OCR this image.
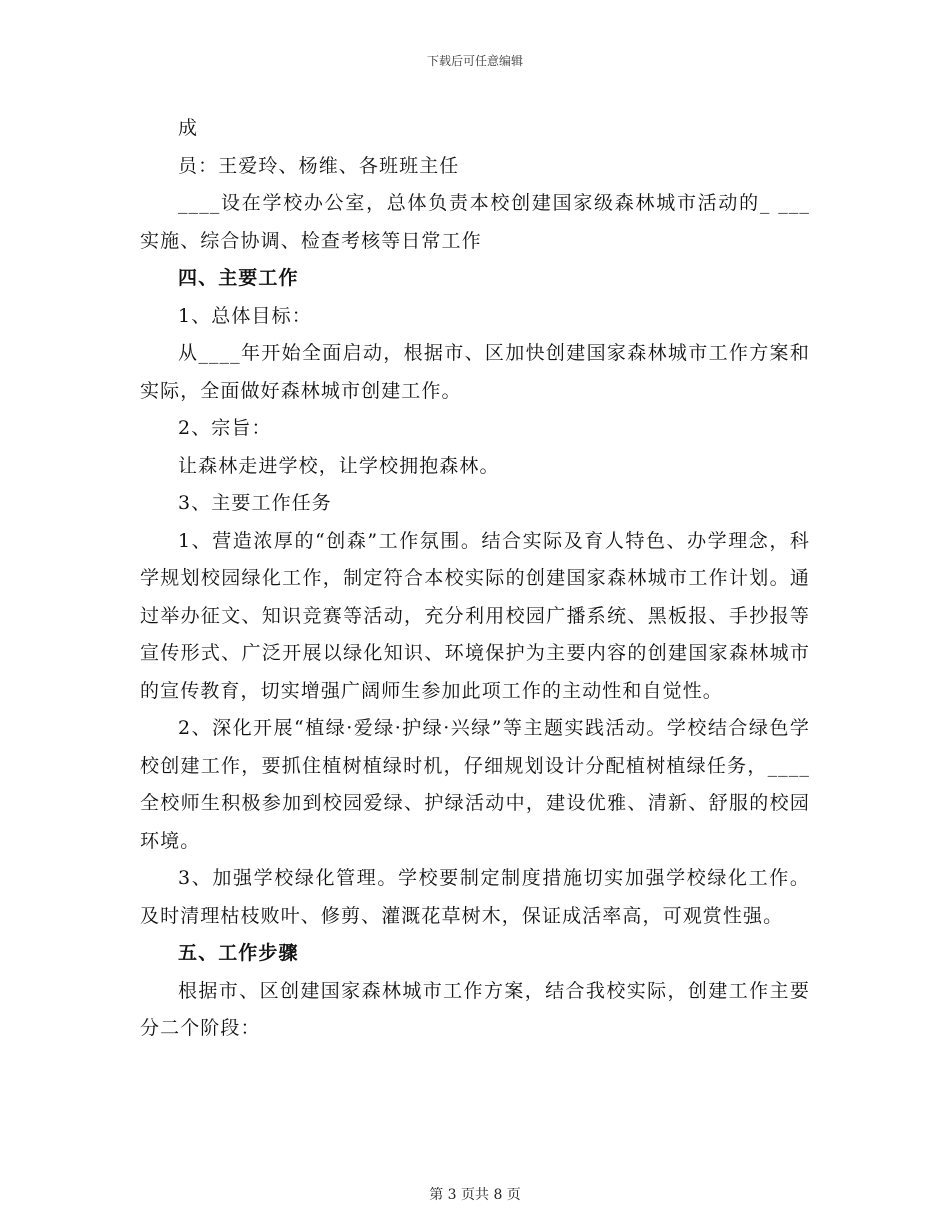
下载后可任意编辑

成

员：王爱玲、杨维、各班班主任

____设在学校办公室，总体负责本校创建国家级森林城市活动的_ ___实施、综合协调、检查考核等日常工作

四、主要工作

1、总体目标：

从____年开始全面启动，根据市、区加快创建国家森林城市工作方案和实际，全面做好森林城市创建工作。

2、宗旨：

让森林走进学校，让学校拥抱森林。

3、主要工作任务

1、营造浓厚的“创森”工作氛围。结合实际及育人特色、办学理念，科学规划校园绿化工作，制定符合本校实际的创建国家森林城市工作计划。通过举办征文、知识竞赛等活动，充分利用校园广播系统、黑板报、手抄报等宣传形式、广泛开展以绿化知识、环境保护为主要内容的创建国家森林城市的宣传教育，切实增强广阔师生参加此项工作的主动性和自觉性。

2、深化开展“植绿·爱绿·护绿·兴绿”等主题实践活动。学校结合绿色学校创建工作，要抓住植树植绿时机，仔细规划设计分配植树植绿任务，____全校师生积极参加到校园爱绿、护绿活动中，建设优雅、清新、舒服的校园环境。

3、加强学校绿化管理。学校要制定制度措施切实加强学校绿化工作。及时清理枯枝败叶、修剪、灌溉花草树木，保证成活率高，可观赏性强。

五、工作步骤

根据市、区创建国家森林城市工作方案，结合我校实际，创建工作主要分二个阶段：

第 3 页共 8 页
